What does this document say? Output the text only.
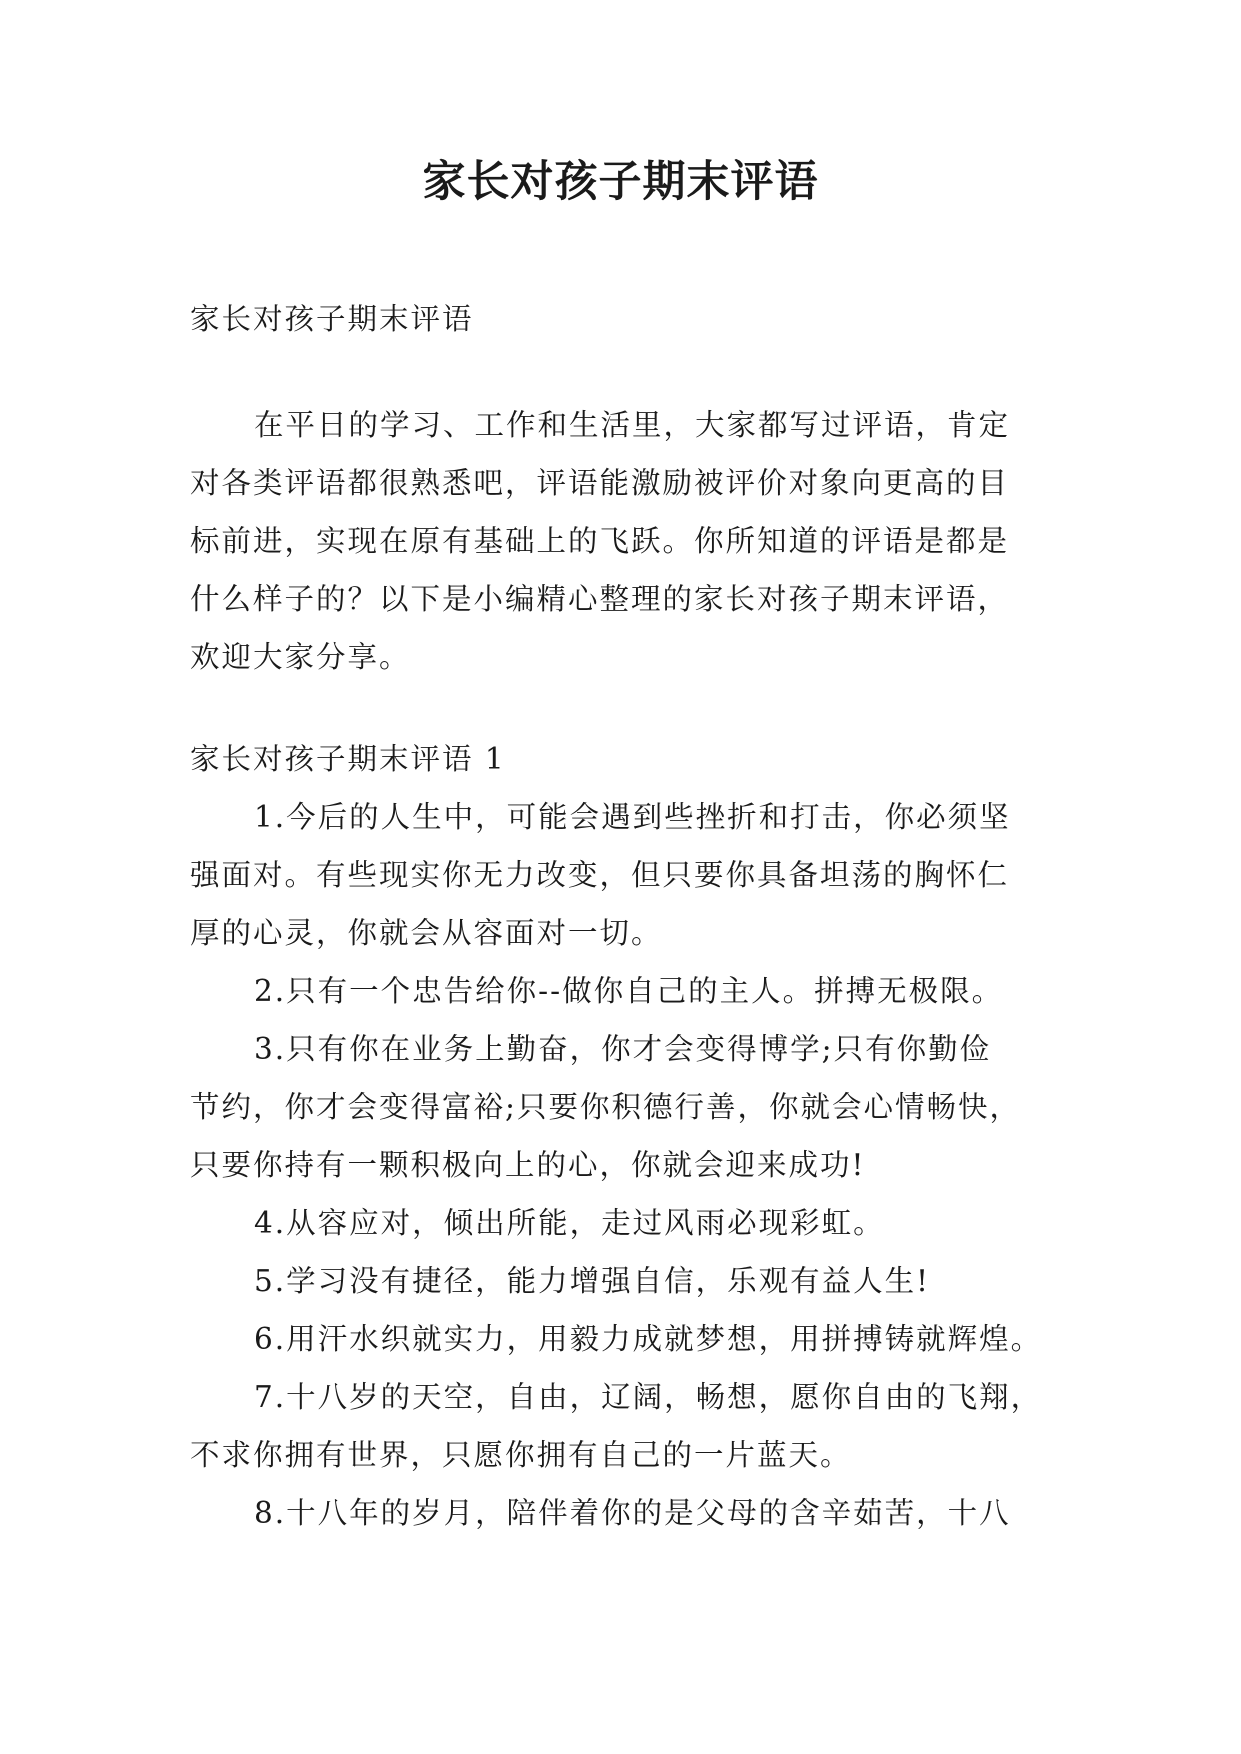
家长对孩子期末评语

家长对孩子期末评语

在平日的学习、工作和生活里，大家都写过评语，肯定

对各类评语都很熟悉吧，评语能激励被评价对象向更高的目

标前进，实现在原有基础上的飞跃。你所知道的评语是都是

什么样子的？以下是小编精心整理的家长对孩子期末评语，

欢迎大家分享。

家长对孩子期末评语 1

1.今后的人生中，可能会遇到些挫折和打击，你必须坚

强面对。有些现实你无力改变，但只要你具备坦荡的胸怀仁

厚的心灵，你就会从容面对一切。

2.只有一个忠告给你--做你自己的主人。拼搏无极限。

3.只有你在业务上勤奋，你才会变得博学;只有你勤俭

节约，你才会变得富裕;只要你积德行善，你就会心情畅快，

只要你持有一颗积极向上的心，你就会迎来成功!

4.从容应对，倾出所能，走过风雨必现彩虹。

5.学习没有捷径，能力增强自信，乐观有益人生!

6.用汗水织就实力，用毅力成就梦想，用拼搏铸就辉煌。

7.十八岁的天空，自由，辽阔，畅想，愿你自由的飞翔，

不求你拥有世界，只愿你拥有自己的一片蓝天。

8.十八年的岁月，陪伴着你的是父母的含辛茹苦，十八
